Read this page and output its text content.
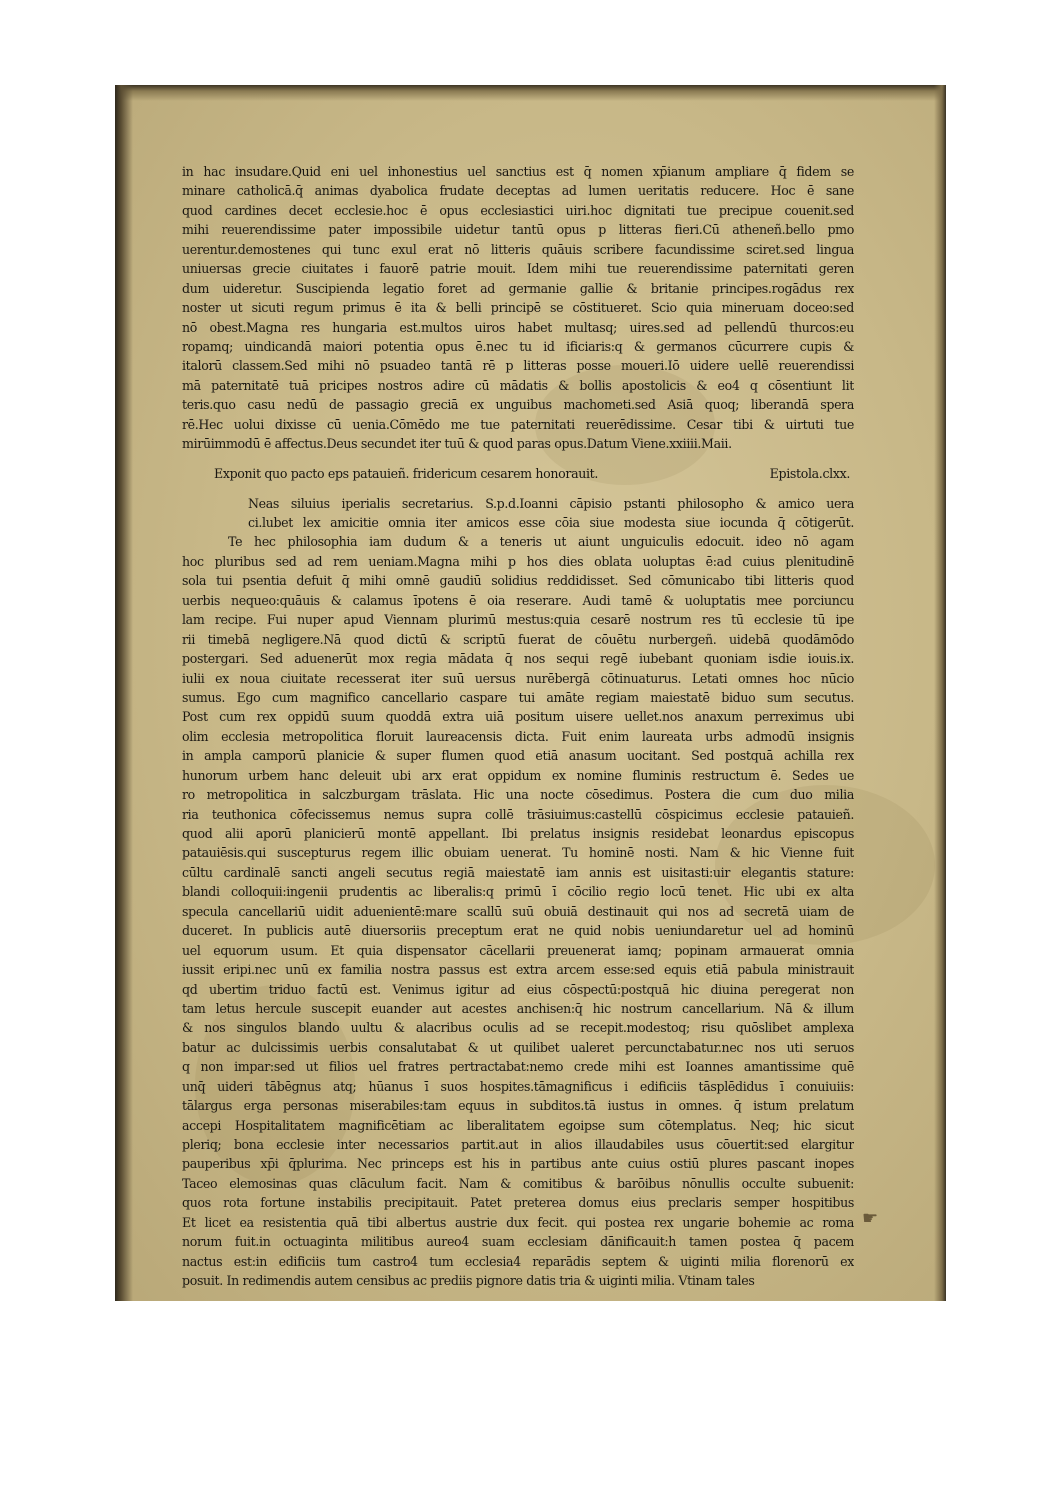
in hac insudare.Quid eni uel inhonestius uel sanctius est q̄ nomen xp̄ianum ampliare q̄ fidem se
minare catholicā.q̄ animas dyabolica frudate deceptas ad lumen ueritatis reducere. Hoc ē sane
quod cardines decet ecclesie.hoc ē opus ecclesiastici uiri.hoc dignitati tue precipue couenit.sed
mihi reuerendissime pater impossibile uidetur tantū opus p litteras fieri.Cū atheneñ.bello pmo
uerentur.demostenes qui tunc exul erat nō litteris quāuis scribere facundissime sciret.sed lingua
uniuersas grecie ciuitates i fauorē patrie mouit. Idem mihi tue reuerendissime paternitati geren
dum uideretur. Suscipienda legatio foret ad germanie gallie & britanie principes.rogādus rex
noster ut sicuti regum primus ē ita & belli principē se cōstitueret. Scio quia mineruam doceo:sed
nō obest.Magna res hungaria est.multos uiros habet multasq; uires.sed ad pellendū thurcos:eu
ropamq; uindicandā maiori potentia opus ē.nec tu id ificiaris:q & germanos cūcurrere cupis &
italorū classem.Sed mihi nō psuadeo tantā rē p litteras posse moueri.Iō uidere uellē reuerendissi
mā paternitatē tuā pricipes nostros adire cū mādatis & bollis apostolicis & eo4 q cōsentiunt lit
teris.quo casu nedū de passagio greciā ex unguibus machometi.sed Asiā quoq; liberandā spera
rē.Hec uolui dixisse cū uenia.Cōmēdo me tue paternitati reuerēdissime. Cesar tibi & uirtuti tue
mirūimmodū ē affectus.Deus secundet iter tuū & quod paras opus.Datum Viene.xxiiii.Maii.
Exponit quo pacto eps patauieñ. fridericum cesarem honorauit.	Epistola.clxx.
Neas siluius iperialis secretarius. S.p.d.Ioanni cāpisio pstanti philosopho & amico uera
ci.lubet lex amicitie omnia iter amicos esse cōia siue modesta siue iocunda q̄ cōtigerūt.
Te hec philosophia iam dudum & a teneris ut aiunt unguiculis edocuit. ideo nō agam
hoc pluribus sed ad rem ueniam.Magna mihi p hos dies oblata uoluptas ē:ad cuius plenitudinē
sola tui psentia defuit q̄ mihi omnē gaudiū solidius reddidisset. Sed cōmunicabo tibi litteris quod
uerbis nequeo:quāuis & calamus īpotens ē oia reserare. Audi tamē & uoluptatis mee porciuncu
lam recipe. Fui nuper apud Viennam plurimū mestus:quia cesarē nostrum res tū ecclesie tū ipe
rii timebā negligere.Nā quod dictū & scriptū fuerat de cōuētu nurbergeñ. uidebā quodāmōdo
postergari. Sed aduenerūt mox regia mādata q̄ nos sequi regē iubebant quoniam isdie iouis.ix.
iulii ex noua ciuitate recesserat iter suū uersus nurēbergā cōtinuaturus. Letati omnes hoc nūcio
sumus. Ego cum magnifico cancellario caspare tui amāte regiam maiestatē biduo sum secutus.
Post cum rex oppidū suum quoddā extra uiā positum uisere uellet.nos anaxum perreximus ubi
olim ecclesia metropolitica floruit laureacensis dicta. Fuit enim laureata urbs admodū insignis
in ampla camporū planicie & super flumen quod etiā anasum uocitant. Sed postquā achilla rex
hunorum urbem hanc deleuit ubi arx erat oppidum ex nomine fluminis restructum ē. Sedes ue
ro metropolitica in salczburgam trāslata. Hic una nocte cōsedimus. Postera die cum duo milia
ria teuthonica cōfecissemus nemus supra collē trāsiuimus:castellū cōspicimus ecclesie patauieñ.
quod alii aporū planicierū montē appellant. Ibi prelatus insignis residebat leonardus episcopus
patauiēsis.qui suscepturus regem illic obuiam uenerat. Tu hominē nosti. Nam & hic Vienne fuit
cūltu cardinalē sancti angeli secutus regiā maiestatē iam annis est uisitasti:uir elegantis stature:
blandi colloquii:ingenii prudentis ac liberalis:q primū ī cōcilio regio locū tenet. Hic ubi ex alta
specula cancellariū uidit aduenientē:mare scallū suū obuiā destinauit qui nos ad secretā uiam de
duceret. In publicis autē diuersoriis preceptum erat ne quid nobis ueniundaretur uel ad hominū
uel equorum usum. Et quia dispensator cācellarii preuenerat iamq; popinam armauerat omnia
iussit eripi.nec unū ex familia nostra passus est extra arcem esse:sed equis etiā pabula ministrauit
qd ubertim triduo factū est. Venimus igitur ad eius cōspectū:postquā hic diuina peregerat non
tam letus hercule suscepit euander aut acestes anchisen:q̄ hic nostrum cancellarium. Nā & illum
& nos singulos blando uultu & alacribus oculis ad se recepit.modestoq; risu quōslibet amplexa
batur ac dulcissimis uerbis consalutabat & ut quilibet ualeret percunctabatur.nec nos uti seruos
q non impar:sed ut filios uel fratres pertractabat:nemo crede mihi est Ioannes amantissime quē
unq̄ uideri tābēgnus atq; hūanus ī suos hospites.tāmagnificus i edificiis tāsplēdidus ī conuiuiis:
tālargus erga personas miserabiles:tam equus in subditos.tā iustus in omnes. q̄ istum prelatum
accepi Hospitalitatem magnificētiam ac liberalitatem egoipse sum cōtemplatus. Neq; hic sicut
pleriq; bona ecclesie inter necessarios partit.aut in alios illaudabiles usus cōuertit:sed elargitur
pauperibus xp̄i q̄plurima. Nec princeps est his in partibus ante cuius ostiū plures pascant inopes
Taceo elemosinas quas clāculum facit. Nam & comitibus & barōibus nōnullis occulte subuenit:
quos rota fortune instabilis precipitauit. Patet preterea domus eius preclaris semper hospitibus
Et licet ea resistentia quā tibi albertus austrie dux fecit. qui postea rex ungarie bohemie ac roma
norum fuit.in octuaginta militibus aureo4 suam ecclesiam dānificauit:h tamen postea q̄ pacem
nactus est:in edificiis tum castro4 tum ecclesia4 reparādis septem & uiginti milia florenorū ex
posuit. In redimendis autem censibus ac prediis pignore datis tria & uiginti milia. Vtinam tales
☛
